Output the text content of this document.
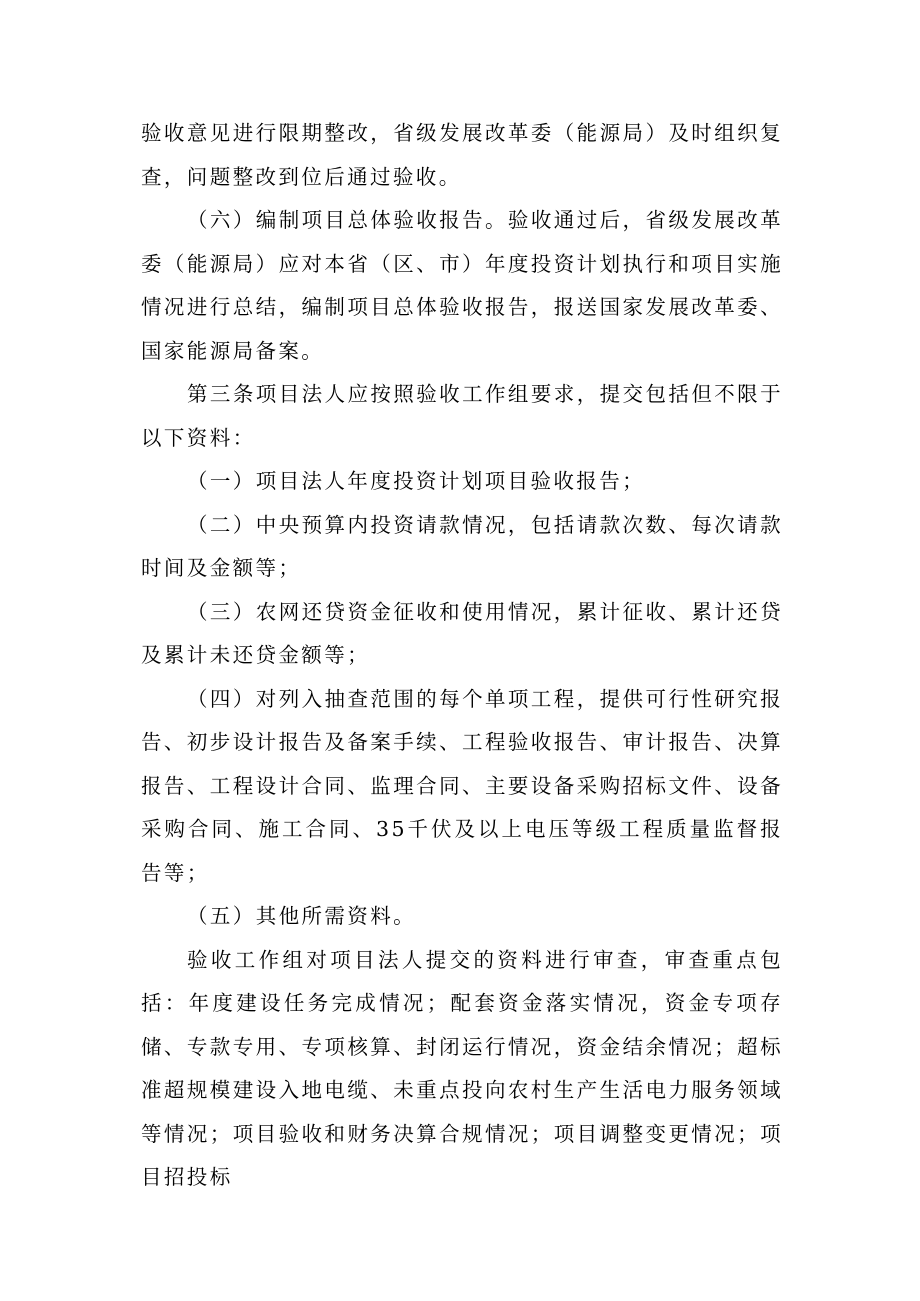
验收意见进行限期整改，省级发展改革委（能源局）及时组织复查，问题整改到位后通过验收。

（六）编制项目总体验收报告。验收通过后，省级发展改革委（能源局）应对本省（区、市）年度投资计划执行和项目实施情况进行总结，编制项目总体验收报告，报送国家发展改革委、国家能源局备案。

第三条项目法人应按照验收工作组要求，提交包括但不限于以下资料：

（一）项目法人年度投资计划项目验收报告；

（二）中央预算内投资请款情况，包括请款次数、每次请款时间及金额等；

（三）农网还贷资金征收和使用情况，累计征收、累计还贷及累计未还贷金额等；

（四）对列入抽查范围的每个单项工程，提供可行性研究报告、初步设计报告及备案手续、工程验收报告、审计报告、决算报告、工程设计合同、监理合同、主要设备采购招标文件、设备采购合同、施工合同、35千伏及以上电压等级工程质量监督报告等；

（五）其他所需资料。

验收工作组对项目法人提交的资料进行审查，审查重点包括：年度建设任务完成情况；配套资金落实情况，资金专项存储、专款专用、专项核算、封闭运行情况，资金结余情况；超标准超规模建设入地电缆、未重点投向农村生产生活电力服务领域等情况；项目验收和财务决算合规情况；项目调整变更情况；项目招投标
